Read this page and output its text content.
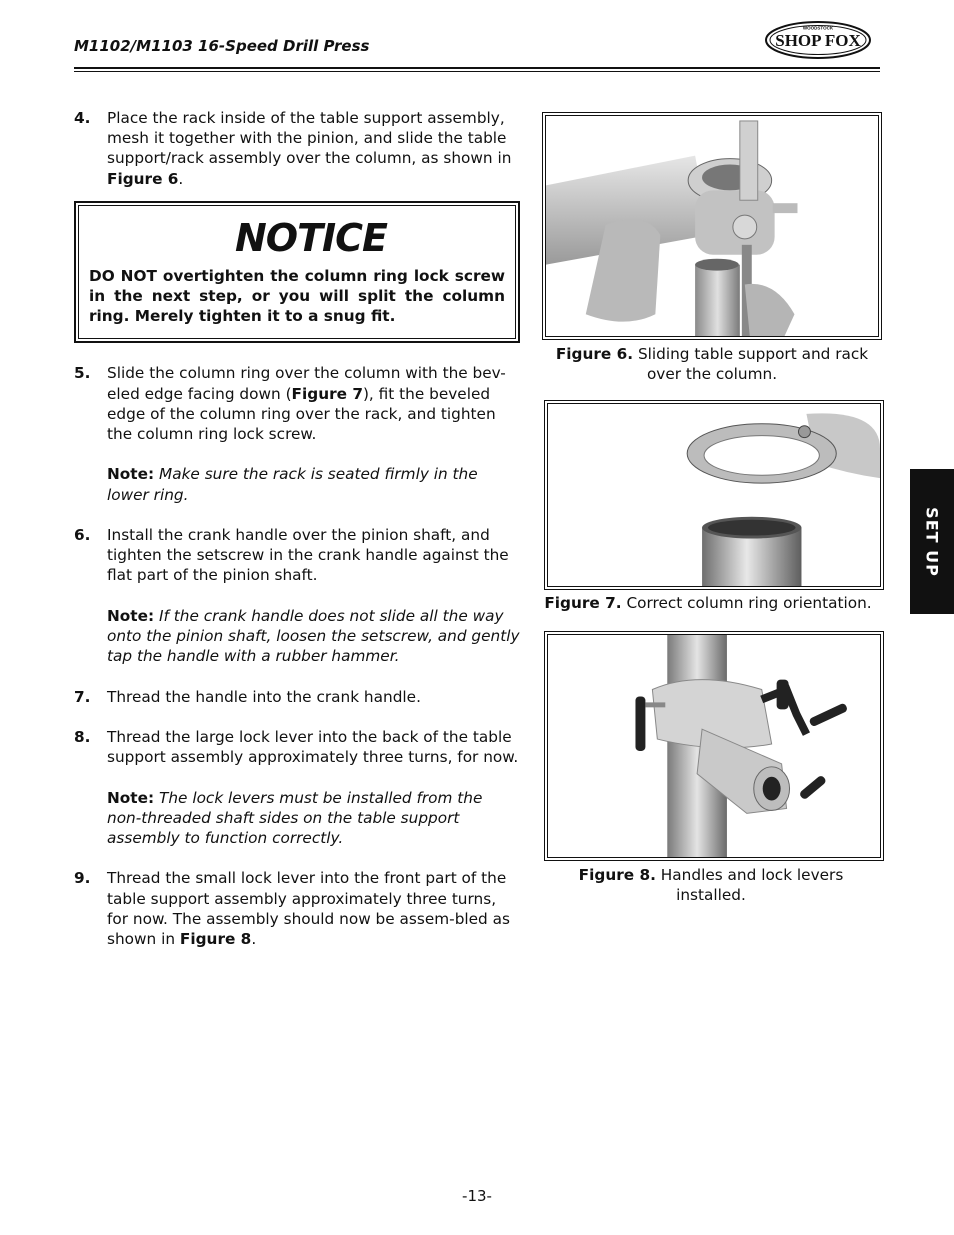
M1102/M1103 16-Speed Drill Press	SHOP FOX
WOODSTOCK
4.	Place the rack inside of the table support assembly, mesh it together with the pinion, and slide the table support/rack assembly over the column, as shown in Figure 6.
NOTICE
DO NOT overtighten the column ring lock screw in the next step, or you will split the column ring. Merely tighten it to a snug fit.
5.	Slide the column ring over the column with the bev-eled edge facing down (Figure 7), fit the beveled edge of the column ring over the rack, and tighten the column ring lock screw.
Note: Make sure the rack is seated firmly in the lower ring.
6.	Install the crank handle over the pinion shaft, and tighten the setscrew in the crank handle against the flat part of the pinion shaft.
Note: If the crank handle does not slide all the way onto the pinion shaft, loosen the setscrew, and gently tap the handle with a rubber hammer.
7.	Thread the handle into the crank handle.
8.	Thread the large lock lever into the back of the table support assembly approximately three turns, for now.
Note: The lock levers must be installed from the non-threaded shaft sides on the table support assembly to function correctly.
9.	Thread the small lock lever into the front part of the table support assembly approximately three turns, for now. The assembly should now be assem-bled as shown in Figure 8.
Figure 6. Sliding table support and rack over the column.
Figure 7. Correct column ring orientation.
Figure 8. Handles and lock levers installed.
SET UP
-13-
